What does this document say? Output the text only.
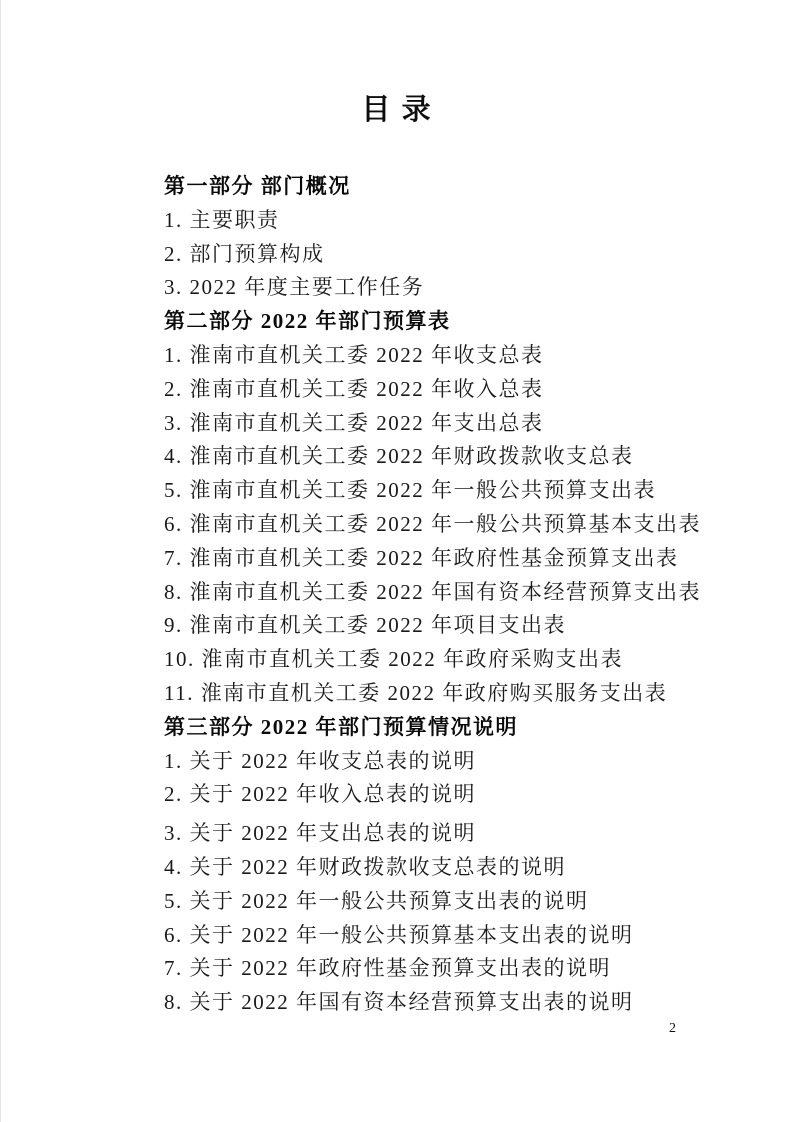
目 录
第一部分 部门概况
1. 主要职责
2. 部门预算构成
3. 2022 年度主要工作任务
第二部分 2022 年部门预算表
1. 淮南市直机关工委 2022 年收支总表
2. 淮南市直机关工委 2022 年收入总表
3. 淮南市直机关工委 2022 年支出总表
4. 淮南市直机关工委 2022 年财政拨款收支总表
5. 淮南市直机关工委 2022 年一般公共预算支出表
6. 淮南市直机关工委 2022 年一般公共预算基本支出表
7. 淮南市直机关工委 2022 年政府性基金预算支出表
8. 淮南市直机关工委 2022 年国有资本经营预算支出表
9. 淮南市直机关工委 2022 年项目支出表
10. 淮南市直机关工委 2022 年政府采购支出表
11. 淮南市直机关工委 2022 年政府购买服务支出表
第三部分 2022 年部门预算情况说明
1. 关于 2022 年收支总表的说明
2. 关于 2022 年收入总表的说明
3. 关于 2022 年支出总表的说明
4. 关于 2022 年财政拨款收支总表的说明
5. 关于 2022 年一般公共预算支出表的说明
6. 关于 2022 年一般公共预算基本支出表的说明
7. 关于 2022 年政府性基金预算支出表的说明
8. 关于 2022 年国有资本经营预算支出表的说明
2
